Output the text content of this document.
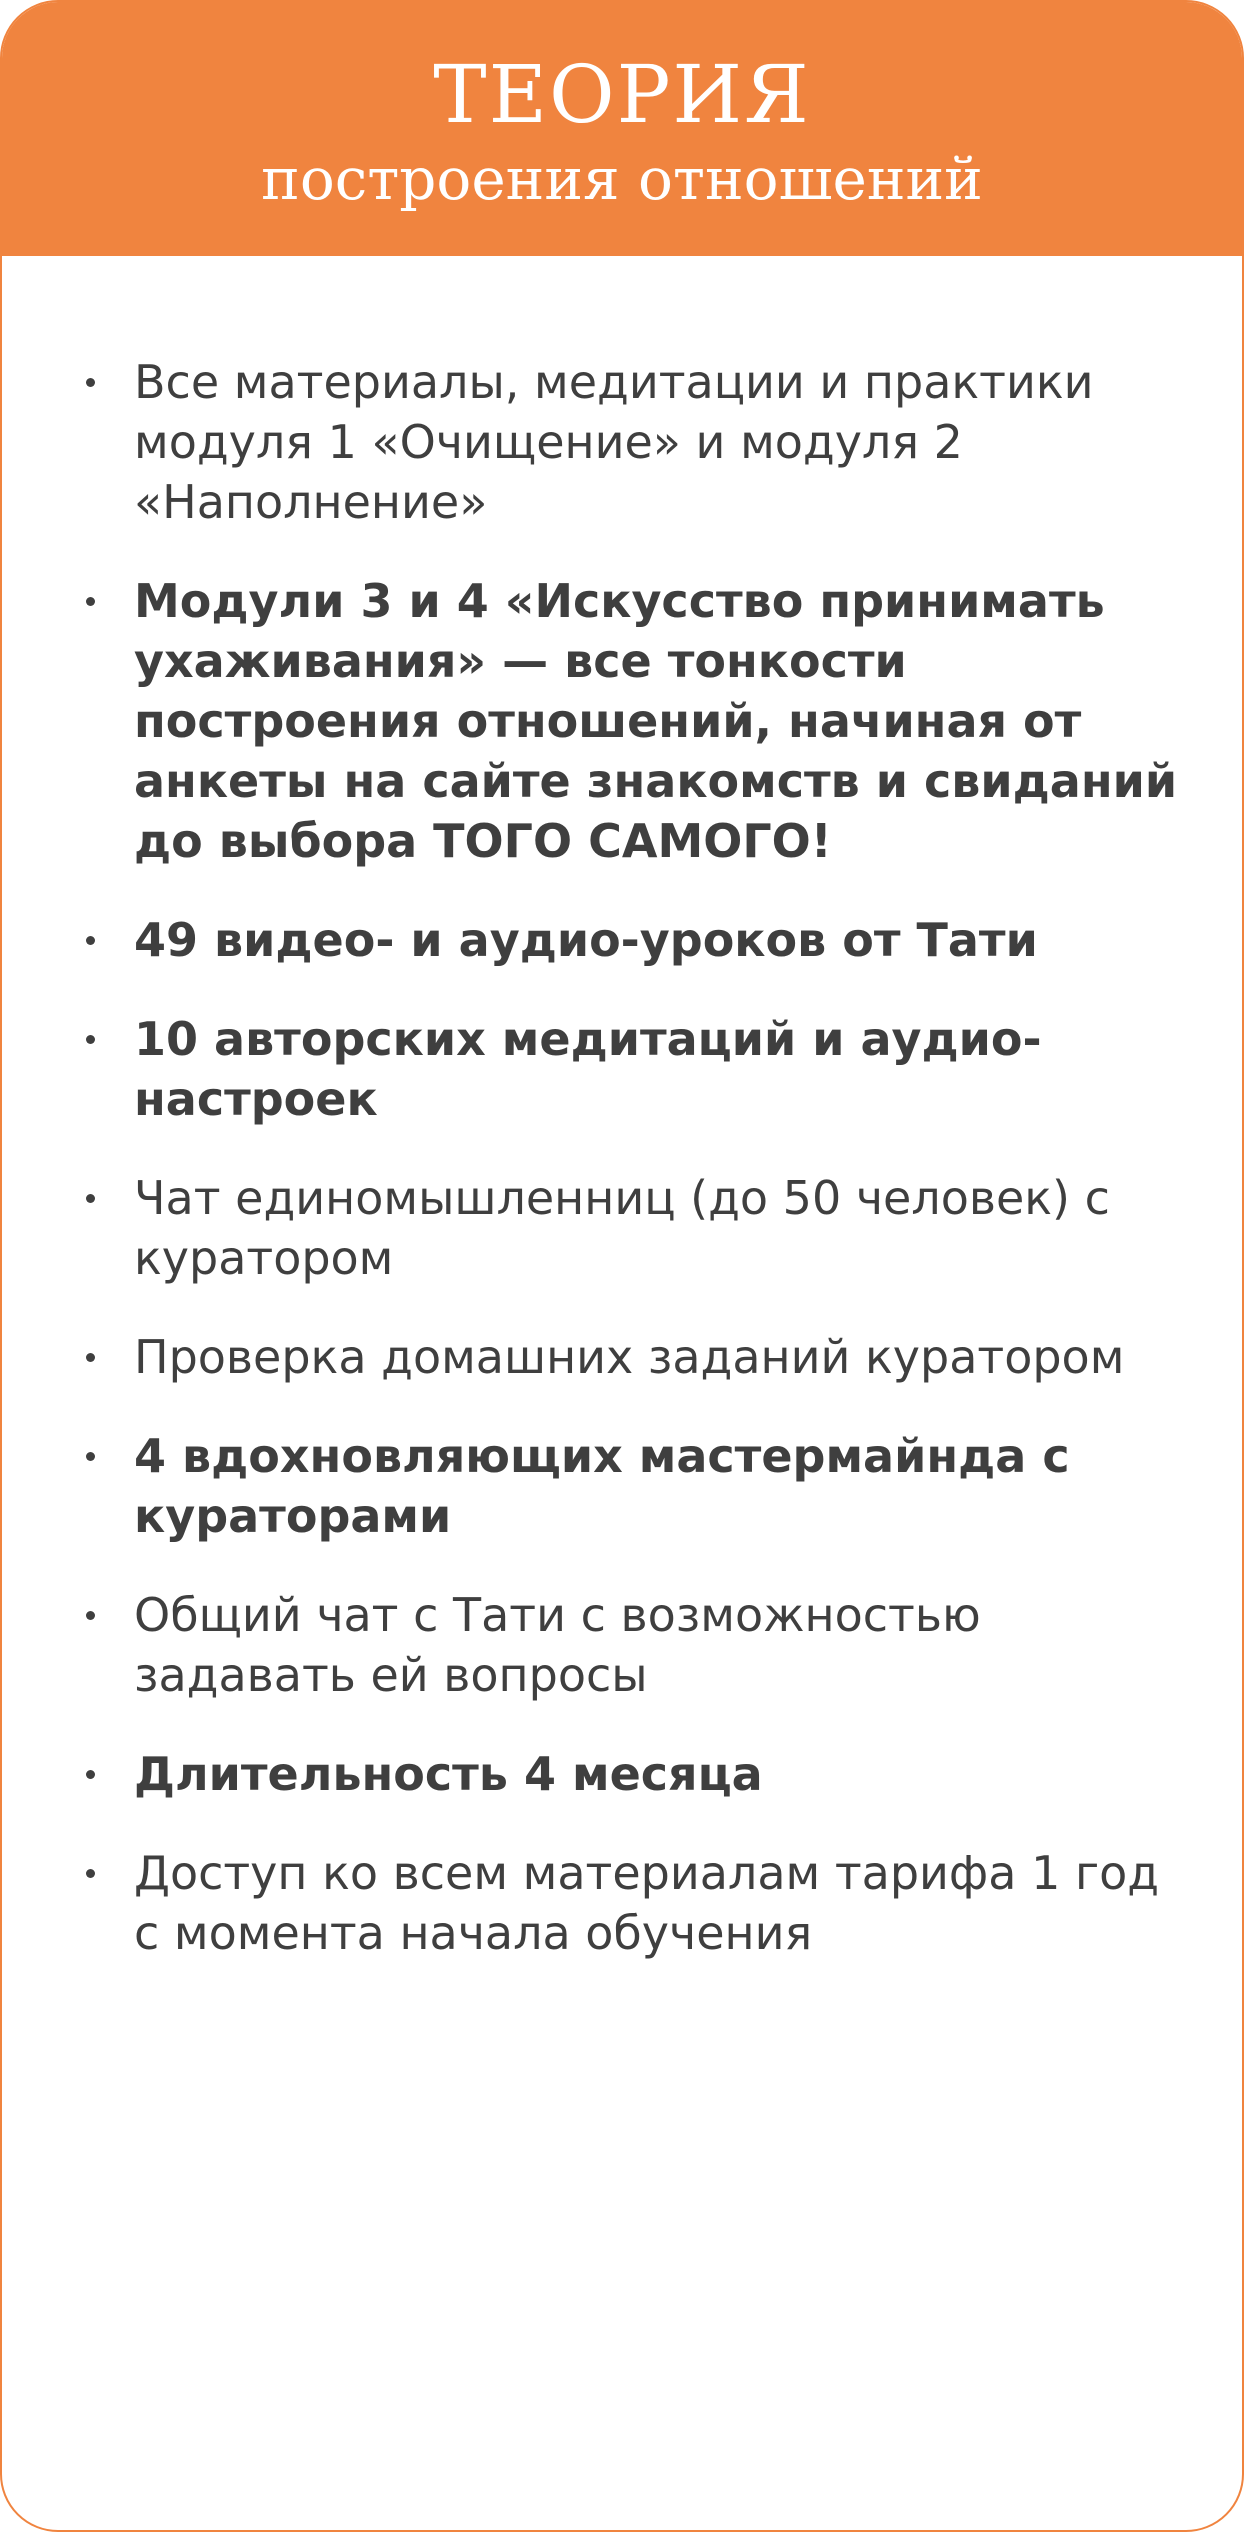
ТЕОРИЯ
построения отношений
Все материалы, медитации и практики модуля 1 «Очищение» и модуля 2 «Наполнение»
Модули 3 и 4 «Искусство принимать ухаживания» — все тонкости построения отношений, начиная от анкеты на сайте знакомств и свиданий до выбора ТОГО САМОГО!
49 видео- и аудио-уроков от Тати
10 авторских медитаций и аудио-настроек
Чат единомышленниц (до 50 человек) с куратором
Проверка домашних заданий куратором
4 вдохновляющих мастермайнда с кураторами
Общий чат с Тати с возможностью задавать ей вопросы
Длительность 4 месяца
Доступ ко всем материалам тарифа 1 год с момента начала обучения
